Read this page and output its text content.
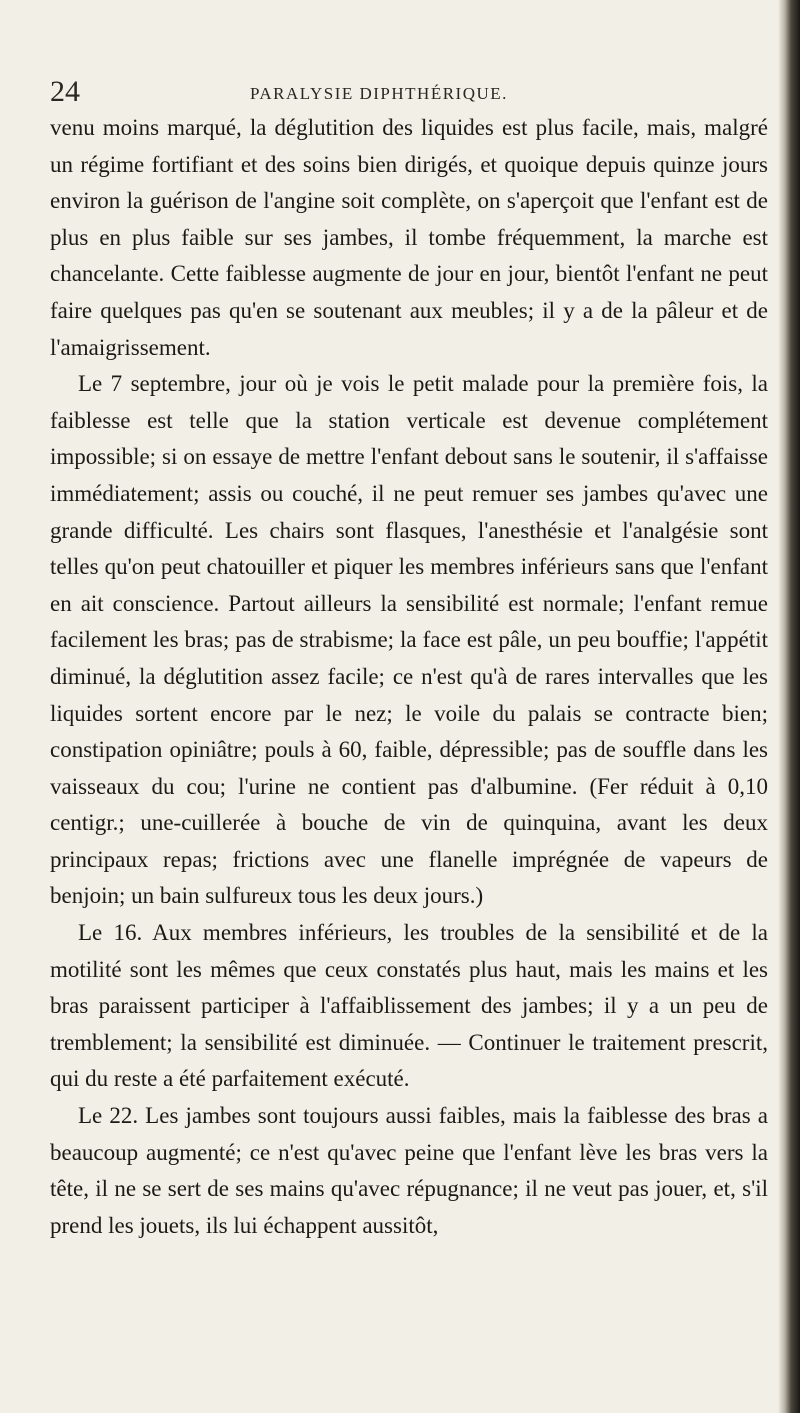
24	PARALYSIE DIPHTHÉRIQUE.

venu moins marqué, la déglutition des liquides est plus facile, mais, malgré un régime fortifiant et des soins bien dirigés, et quoique depuis quinze jours environ la guérison de l'angine soit complète, on s'aperçoit que l'enfant est de plus en plus faible sur ses jambes, il tombe fréquemment, la marche est chancelante. Cette faiblesse augmente de jour en jour, bientôt l'enfant ne peut faire quelques pas qu'en se soutenant aux meubles; il y a de la pâleur et de l'amaigrissement.

Le 7 septembre, jour où je vois le petit malade pour la première fois, la faiblesse est telle que la station verticale est devenue complétement impossible; si on essaye de mettre l'enfant debout sans le soutenir, il s'affaisse immédiatement; assis ou couché, il ne peut remuer ses jambes qu'avec une grande difficulté. Les chairs sont flasques, l'anesthésie et l'analgésie sont telles qu'on peut chatouiller et piquer les membres inférieurs sans que l'enfant en ait conscience. Partout ailleurs la sensibilité est normale; l'enfant remue facilement les bras; pas de strabisme; la face est pâle, un peu bouffie; l'appétit diminué, la déglutition assez facile; ce n'est qu'à de rares intervalles que les liquides sortent encore par le nez; le voile du palais se contracte bien; constipation opiniâtre; pouls à 60, faible, dépressible; pas de souffle dans les vaisseaux du cou; l'urine ne contient pas d'albumine. (Fer réduit à 0,10 centigr.; une-cuillerée à bouche de vin de quinquina, avant les deux principaux repas; frictions avec une flanelle imprégnée de vapeurs de benjoin; un bain sulfureux tous les deux jours.)

Le 16. Aux membres inférieurs, les troubles de la sensibilité et de la motilité sont les mêmes que ceux constatés plus haut, mais les mains et les bras paraissent participer à l'affaiblissement des jambes; il y a un peu de tremblement; la sensibilité est diminuée. — Continuer le traitement prescrit, qui du reste a été parfaitement exécuté.

Le 22. Les jambes sont toujours aussi faibles, mais la faiblesse des bras a beaucoup augmenté; ce n'est qu'avec peine que l'enfant lève les bras vers la tête, il ne se sert de ses mains qu'avec répugnance; il ne veut pas jouer, et, s'il prend les jouets, ils lui échappent aussitôt,
